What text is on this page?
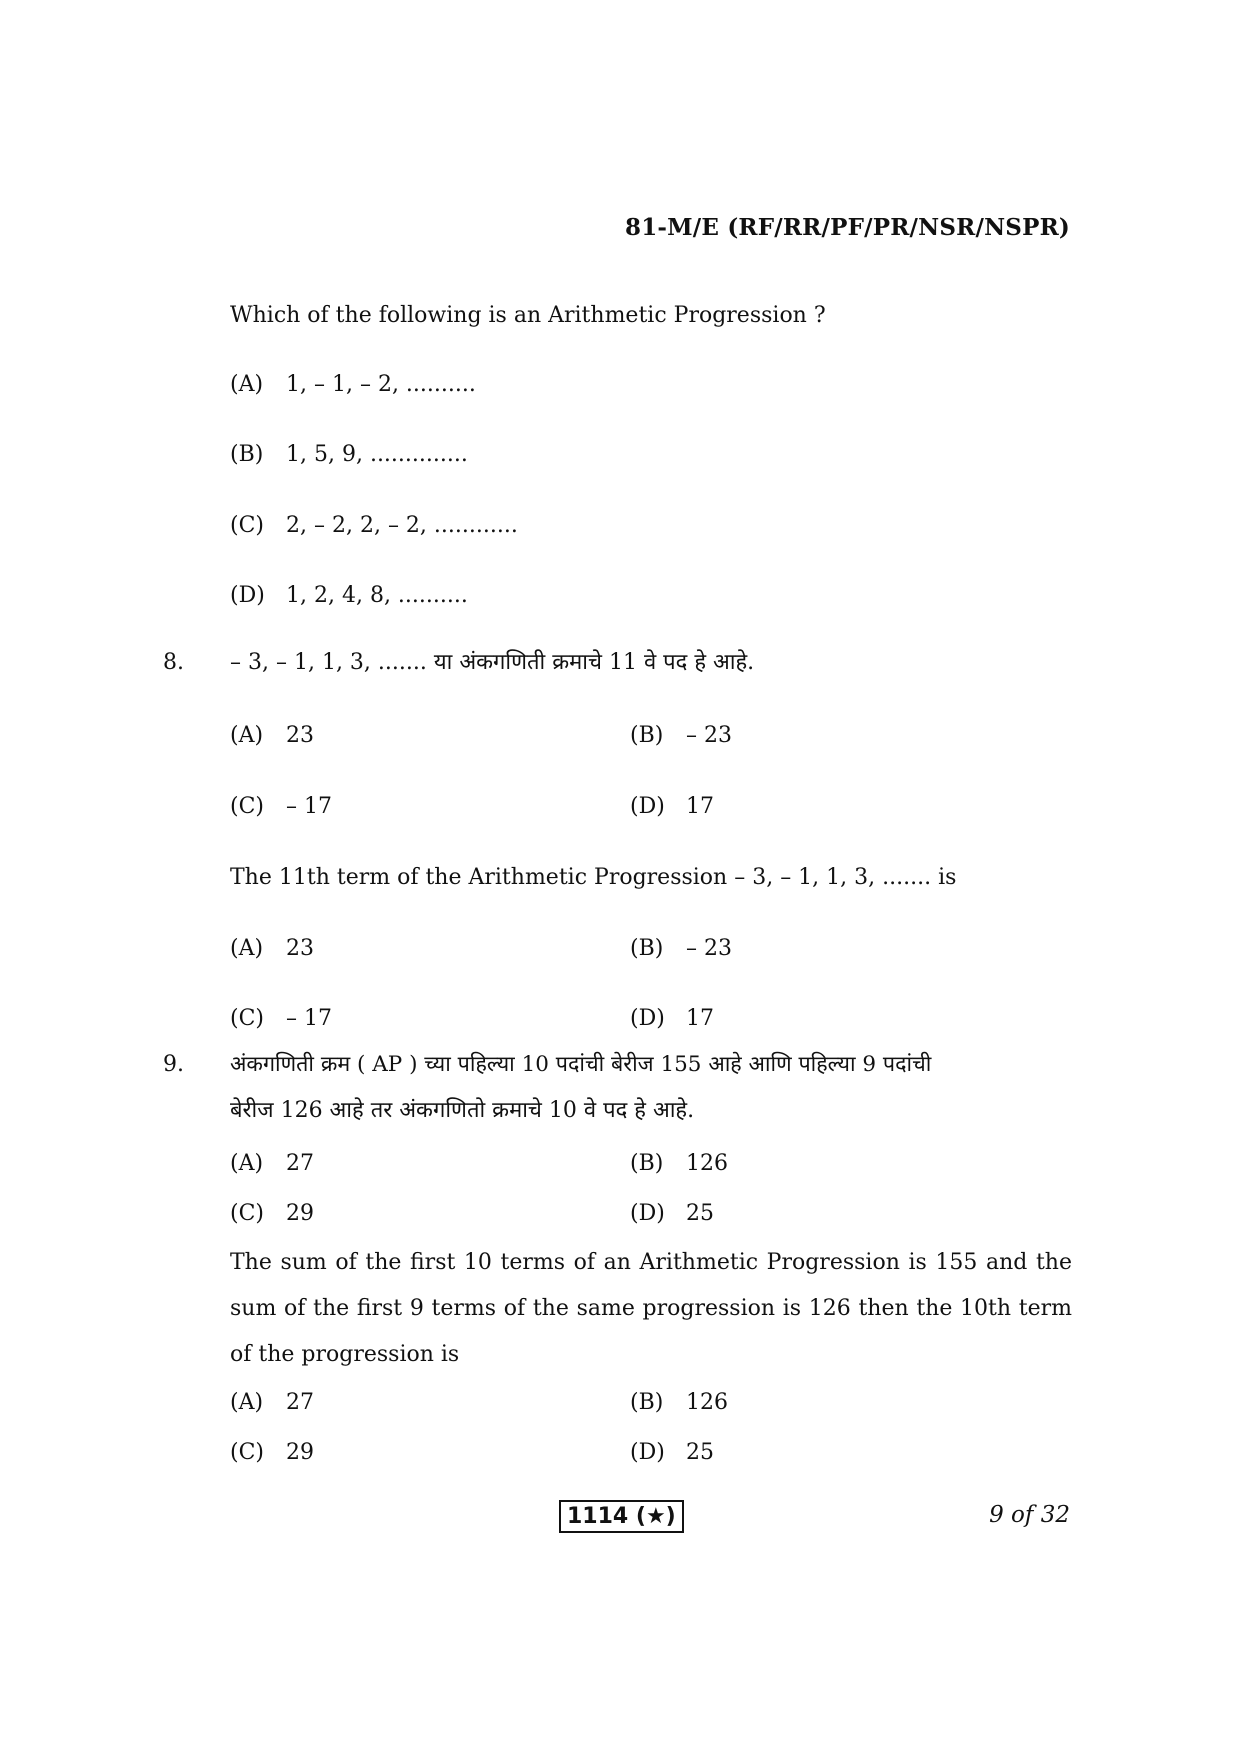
81-M/E (RF/RR/PF/PR/NSR/NSPR)
Which of the following is an Arithmetic Progression ?
(A) 1, – 1, – 2, ..........
(B) 1, 5, 9, ..............
(C) 2, – 2, 2, – 2, ............
(D) 1, 2, 4, 8, ..........
8. – 3, – 1, 1, 3, ....... या अंकगणिती क्रमाचे 11 वे पद हे आहे.
(A) 23	(B) – 23
(C) – 17	(D) 17
The 11th term of the Arithmetic Progression – 3, – 1, 1, 3, ....... is
(A) 23	(B) – 23
(C) – 17	(D) 17
9. अंकगणिती क्रम ( AP ) च्या पहिल्या 10 पदांची बेरीज 155 आहे आणि पहिल्या 9 पदांची
बेरीज 126 आहे तर अंकगणितो क्रमाचे 10 वे पद हे आहे.
(A) 27	(B) 126
(C) 29	(D) 25
The sum of the first 10 terms of an Arithmetic Progression is 155 and the sum of the first 9 terms of the same progression is 126 then the 10th term of the progression is
(A) 27	(B) 126
(C) 29	(D) 25
1114 (★)	9 of 32
